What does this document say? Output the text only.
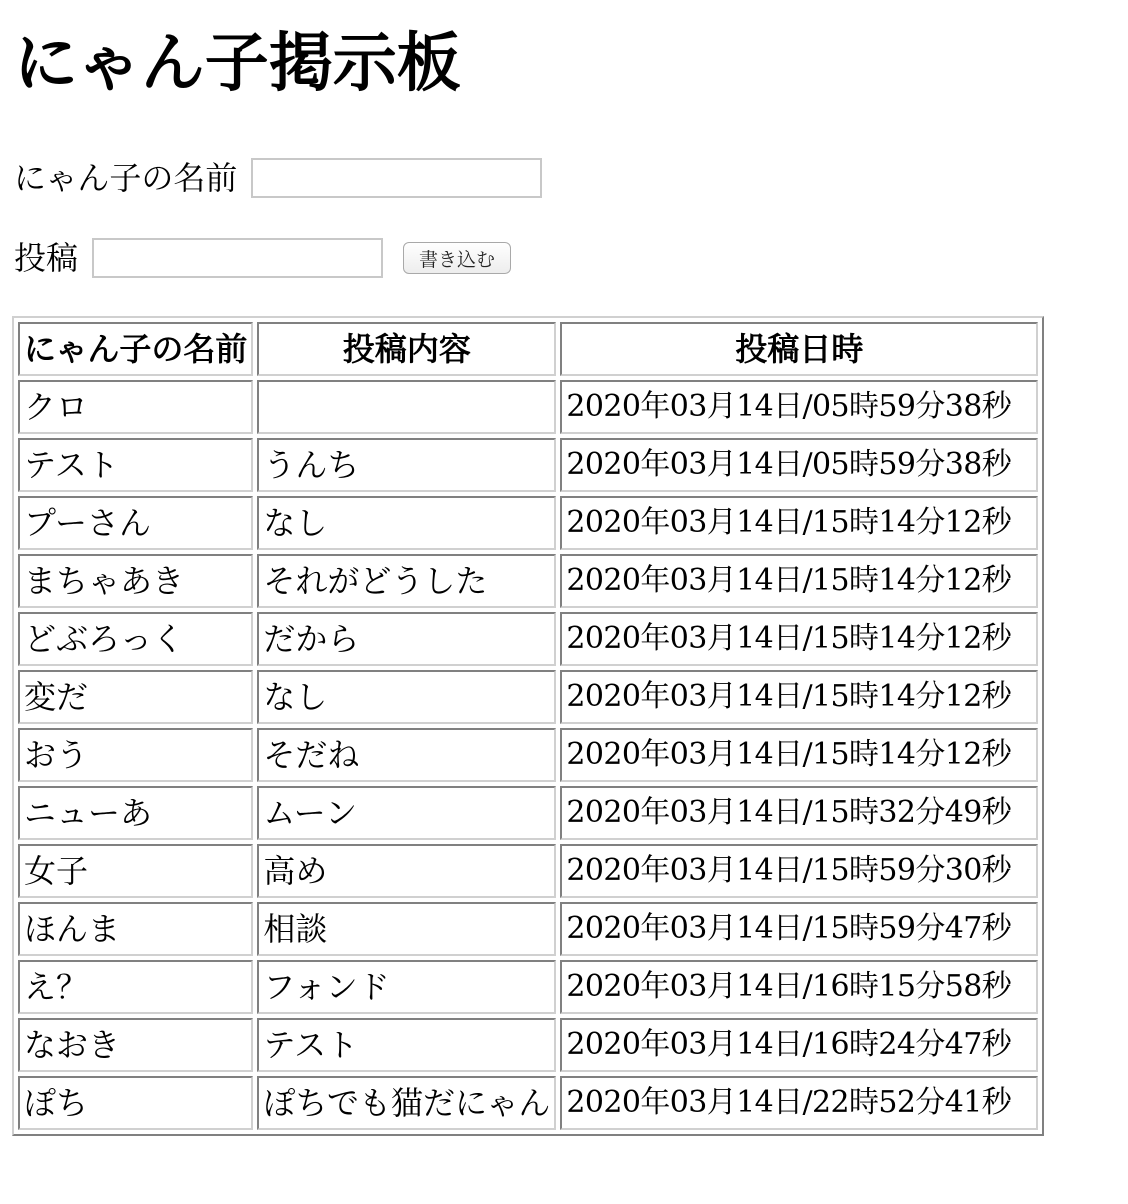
にゃん子掲示板
にゃん子の名前
投稿	書き込む
にゃん子の名前	投稿内容	投稿日時
クロ		2020年03月14日/05時59分38秒
テスト	うんち	2020年03月14日/05時59分38秒
プーさん	なし	2020年03月14日/15時14分12秒
まちゃあき	それがどうした	2020年03月14日/15時14分12秒
どぶろっく	だから	2020年03月14日/15時14分12秒
変だ	なし	2020年03月14日/15時14分12秒
おう	そだね	2020年03月14日/15時14分12秒
ニューあ	ムーン	2020年03月14日/15時32分49秒
女子	高め	2020年03月14日/15時59分30秒
ほんま	相談	2020年03月14日/15時59分47秒
え？	フォンド	2020年03月14日/16時15分58秒
なおき	テスト	2020年03月14日/16時24分47秒
ぽち	ぽちでも猫だにゃん	2020年03月14日/22時52分41秒
